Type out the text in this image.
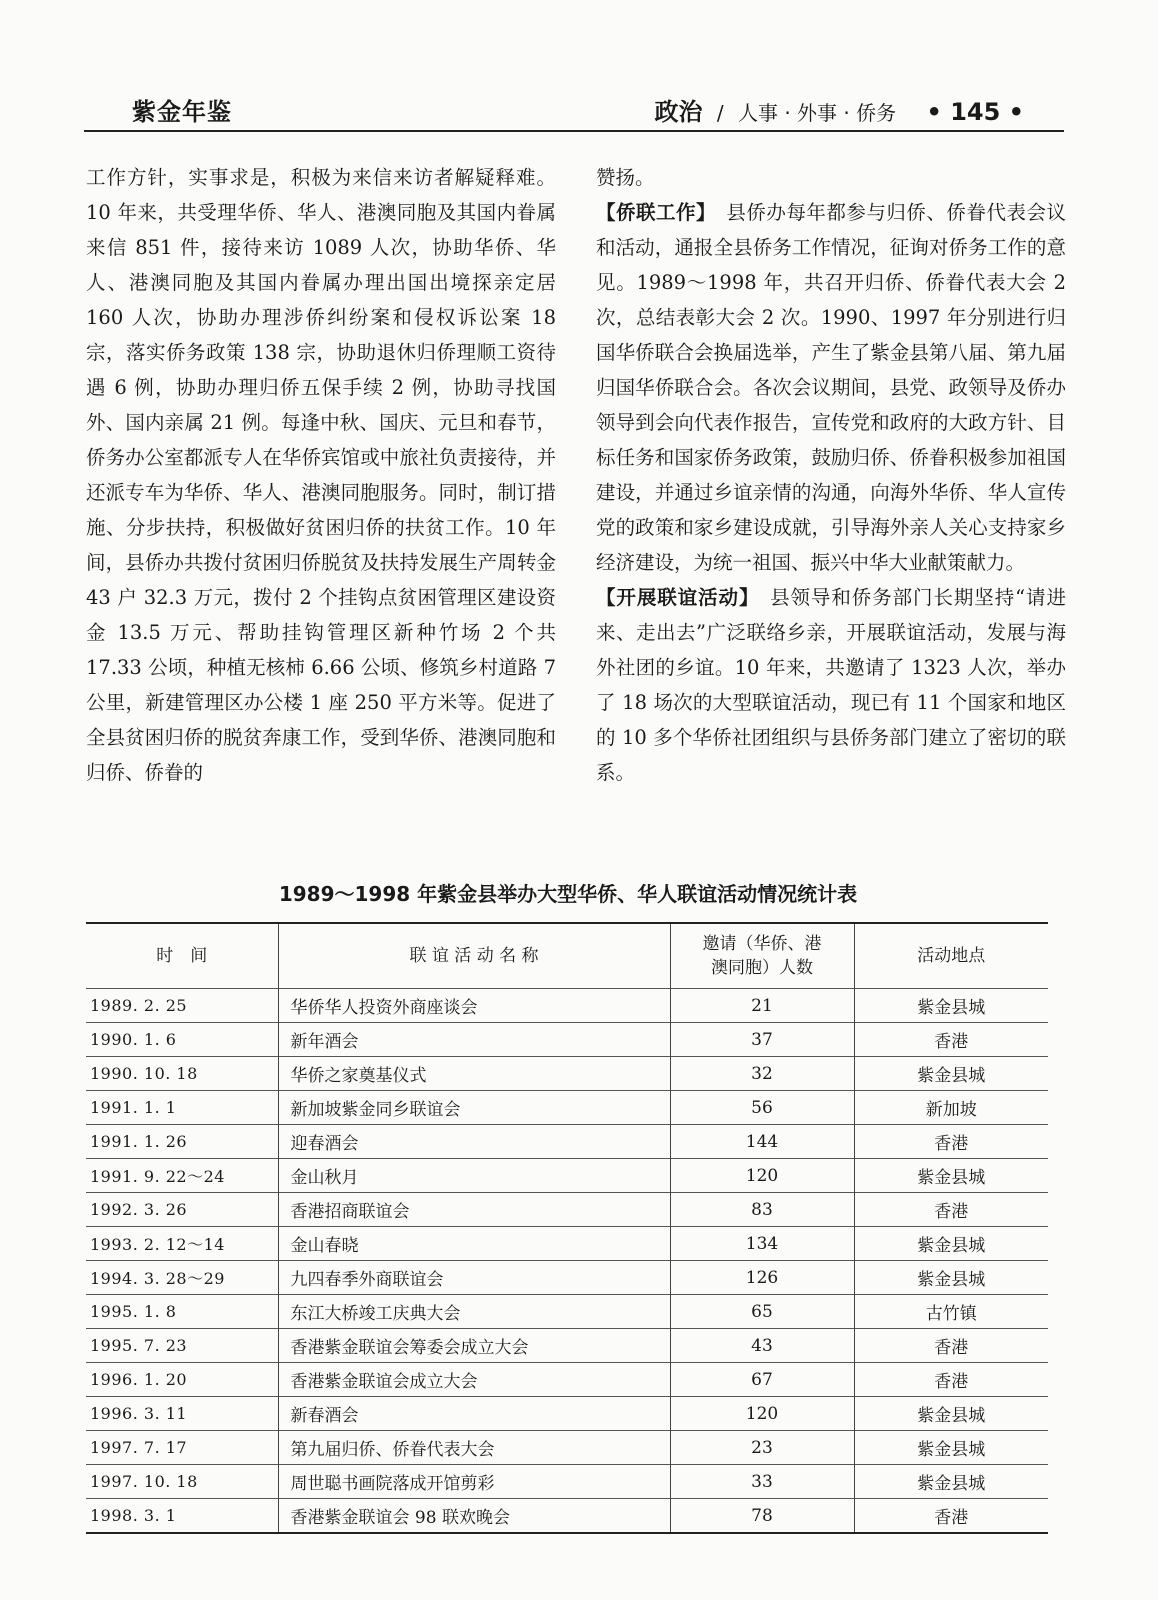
紫金年鉴	政治 / 人事 · 外事 · 侨务 • 145 •

工作方针，实事求是，积极为来信来访者解疑释难。10 年来，共受理华侨、华人、港澳同胞及其国内眷属来信 851 件，接待来访 1089 人次，协助华侨、华人、港澳同胞及其国内眷属办理出国出境探亲定居 160 人次，协助办理涉侨纠纷案和侵权诉讼案 18 宗，落实侨务政策 138 宗，协助退休归侨理顺工资待遇 6 例，协助办理归侨五保手续 2 例，协助寻找国外、国内亲属 21 例。每逢中秋、国庆、元旦和春节，侨务办公室都派专人在华侨宾馆或中旅社负责接待，并还派专车为华侨、华人、港澳同胞服务。同时，制订措施、分步扶持，积极做好贫困归侨的扶贫工作。10 年间，县侨办共拨付贫困归侨脱贫及扶持发展生产周转金 43 户 32.3 万元，拨付 2 个挂钩点贫困管理区建设资金 13.5 万元、帮助挂钩管理区新种竹场 2 个共 17.33 公顷，种植无核柿 6.66 公顷、修筑乡村道路 7 公里，新建管理区办公楼 1 座 250 平方米等。促进了全县贫困归侨的脱贫奔康工作，受到华侨、港澳同胞和归侨、侨眷的

赞扬。

【侨联工作】　 县侨办每年都参与归侨、侨眷代表会议和活动，通报全县侨务工作情况，征询对侨务工作的意见。1989～1998 年，共召开归侨、侨眷代表大会 2 次，总结表彰大会 2 次。1990、1997 年分别进行归国华侨联合会换届选举，产生了紫金县第八届、第九届归国华侨联合会。各次会议期间，县党、政领导及侨办领导到会向代表作报告，宣传党和政府的大政方针、目标任务和国家侨务政策，鼓励归侨、侨眷积极参加祖国建设，并通过乡谊亲情的沟通，向海外华侨、华人宣传党的政策和家乡建设成就，引导海外亲人关心支持家乡经济建设，为统一祖国、振兴中华大业献策献力。

【开展联谊活动】　 县领导和侨务部门长期坚持“请进来、走出去”广泛联络乡亲，开展联谊活动，发展与海外社团的乡谊。10 年来，共邀请了 1323 人次，举办了 18 场次的大型联谊活动，现已有 11 个国家和地区的 10 多个华侨社团组织与县侨务部门建立了密切的联系。

1989～1998 年紫金县举办大型华侨、华人联谊活动情况统计表
时　间	联 谊 活 动 名 称	邀请（华侨、港
澳同胞）人数	活动地点
1989. 2. 25	华侨华人投资外商座谈会	21	紫金县城
1990. 1. 6	新年酒会	37	香港
1990. 10. 18	华侨之家奠基仪式	32	紫金县城
1991. 1. 1	新加坡紫金同乡联谊会	56	新加坡
1991. 1. 26	迎春酒会	144	香港
1991. 9. 22～24	金山秋月	120	紫金县城
1992. 3. 26	香港招商联谊会	83	香港
1993. 2. 12～14	金山春晓	134	紫金县城
1994. 3. 28～29	九四春季外商联谊会	126	紫金县城
1995. 1. 8	东江大桥竣工庆典大会	65	古竹镇
1995. 7. 23	香港紫金联谊会筹委会成立大会	43	香港
1996. 1. 20	香港紫金联谊会成立大会	67	香港
1996. 3. 11	新春酒会	120	紫金县城
1997. 7. 17	第九届归侨、侨眷代表大会	23	紫金县城
1997. 10. 18	周世聪书画院落成开馆剪彩	33	紫金县城
1998. 3. 1	香港紫金联谊会 98 联欢晚会	78	香港
